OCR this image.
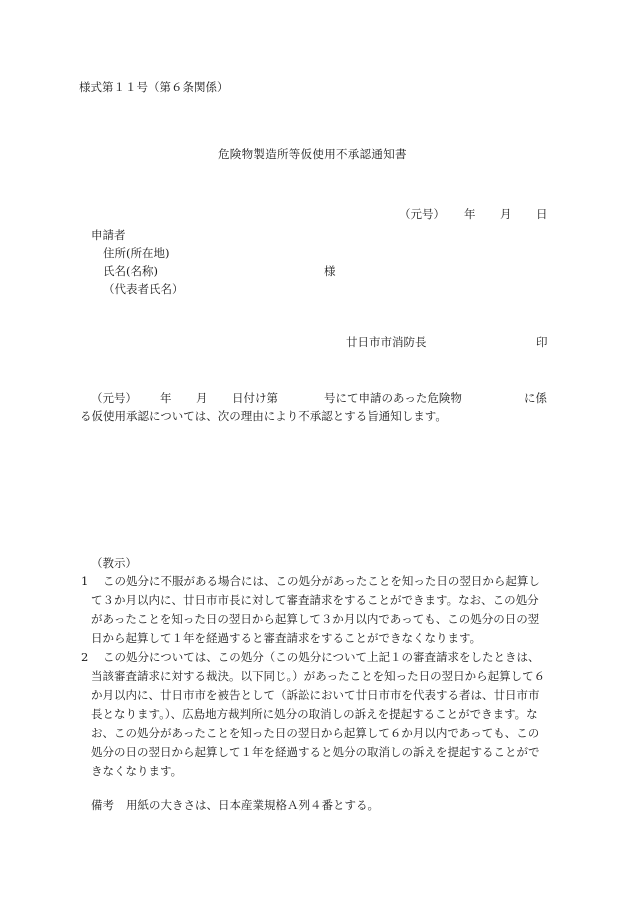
様式第１１号（第６条関係）
危険物製造所等仮使用不承認通知書
（元号） 年 月 日
申請者
住所(所在地)
氏名(名称)	様
（代表者氏名）
廿日市市消防長	印
（元号） 年 月 日付け第	号にて申請のあった危険物	に係
る仮使用承認については、次の理由により不承認とする旨通知します。
（教示）
1 この処分に不服がある場合には、この処分があったことを知った日の翌日から起算し
て３か月以内に、廿日市市長に対して審査請求をすることができます。なお、この処分
があったことを知った日の翌日から起算して３か月以内であっても、この処分の日の翌
日から起算して１年を経過すると審査請求をすることができなくなります。
2 この処分については、この処分（この処分について上記１の審査請求をしたときは、
当該審査請求に対する裁決。以下同じ。）があったことを知った日の翌日から起算して６
か月以内に、廿日市市を被告として（訴訟において廿日市市を代表する者は、廿日市市
長となります。）、広島地方裁判所に処分の取消しの訴えを提起することができます。な
お、この処分があったことを知った日の翌日から起算して６か月以内であっても、この
処分の日の翌日から起算して１年を経過すると処分の取消しの訴えを提起することがで
きなくなります。
備考 用紙の大きさは、日本産業規格Ａ列４番とする。
